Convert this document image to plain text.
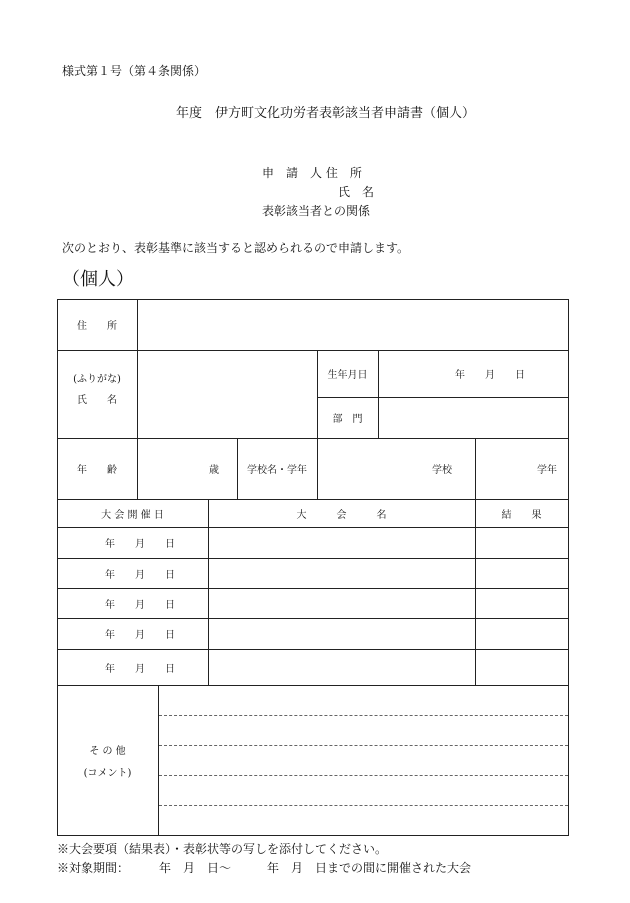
様式第１号（第４条関係）
年度　伊方町文化功労者表彰該当者申請書（個人）
申　請　人 住　所
氏　名
表彰該当者との関係
次のとおり、表彰基準に該当すると認められるので申請します。
（個人）
住　　所
(ふりがな)
氏　　名
生年月日	年　　月　　日
部　門
年　　齢	歳	学校名・学年	学校	学年
大 会 開 催 日	大　　　会　　　名	結　　果
年　　月　　日
年　　月　　日
年　　月　　日
年　　月　　日
年　　月　　日
そ の 他
(コメント)
※大会要項（結果表）・表彰状等の写しを添付してください。
※対象期間：　　　年　月　日～　　　年　月　日までの間に開催された大会
